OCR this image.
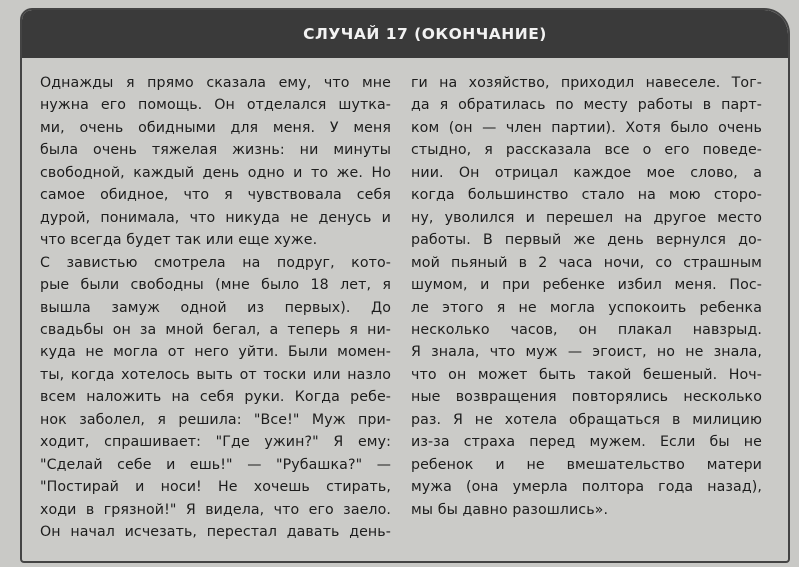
СЛУЧАЙ 17 (ОКОНЧАНИЕ)
Однажды я прямо сказала ему, что мне
нужна его помощь. Он отделался шутка-
ми, очень обидными для меня. У меня
была очень тяжелая жизнь: ни минуты
свободной, каждый день одно и то же. Но
самое обидное, что я чувствовала себя
дурой, понимала, что никуда не денусь и
что всегда будет так или еще хуже.
С завистью смотрела на подруг, кото-
рые были свободны (мне было 18 лет, я
вышла замуж одной из первых). До
свадьбы он за мной бегал, а теперь я ни-
куда не могла от него уйти. Были момен-
ты, когда хотелось выть от тоски или назло
всем наложить на себя руки. Когда ребе-
нок заболел, я решила: "Все!" Муж при-
ходит, спрашивает: "Где ужин?" Я ему:
"Сделай себе и ешь!" — "Рубашка?" —
"Постирай и носи! Не хочешь стирать,
ходи в грязной!" Я видела, что его заело.
Он начал исчезать, перестал давать день-
ги на хозяйство, приходил навеселе. Тог-
да я обратилась по месту работы в парт-
ком (он — член партии). Хотя было очень
стыдно, я рассказала все о его поведе-
нии. Он отрицал каждое мое слово, а
когда большинство стало на мою сторо-
ну, уволился и перешел на другое место
работы. В первый же день вернулся до-
мой пьяный в 2 часа ночи, со страшным
шумом, и при ребенке избил меня. Пос-
ле этого я не могла успокоить ребенка
несколько часов, он плакал навзрыд.
Я знала, что муж — эгоист, но не знала,
что он может быть такой бешеный. Ноч-
ные возвращения повторялись несколько
раз. Я не хотела обращаться в милицию
из-за страха перед мужем. Если бы не
ребенок и не вмешательство матери
мужа (она умерла полтора года назад),
мы бы давно разошлись».
